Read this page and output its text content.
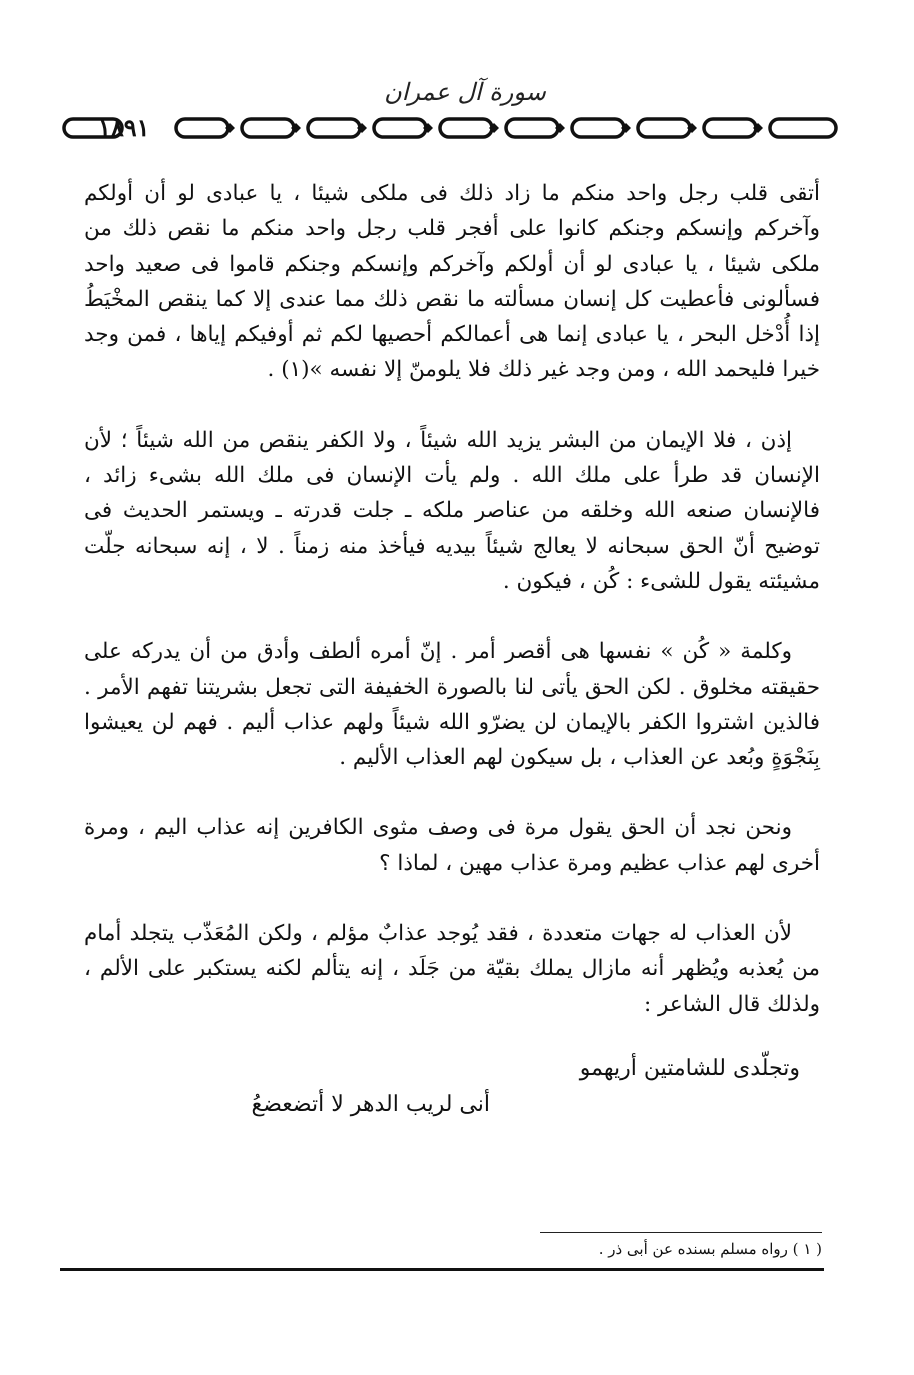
سورة آل عمران
١٨٩١

أتقى قلب رجل واحد منكم ما زاد ذلك فى ملكى شيئا ، يا عبادى لو أن أولكم وآخركم وإنسكم وجنكم كانوا على أفجر قلب رجل واحد منكم ما نقص ذلك من ملكى شيئا ، يا عبادى لو أن أولكم وآخركم وإنسكم وجنكم قاموا فى صعيد واحد فسألونى فأعطيت كل إنسان مسألته ما نقص ذلك مما عندى إلا كما ينقص المخْيَطُ إذا أُدْخل البحر ، يا عبادى إنما هى أعمالكم أحصيها لكم ثم أوفيكم إياها ، فمن وجد خيرا فليحمد الله ، ومن وجد غير ذلك فلا يلومنّ إلا نفسه »(١) .

إذن ، فلا الإيمان من البشر يزيد الله شيئاً ، ولا الكفر ينقص من الله شيئاً ؛ لأن الإنسان قد طرأ على ملك الله . ولم يأت الإنسان فى ملك الله بشىء زائد ، فالإنسان صنعه الله وخلقه من عناصر ملكه ـ جلت قدرته ـ ويستمر الحديث فى توضيح أنّ الحق سبحانه لا يعالج شيئاً بيديه فيأخذ منه زمناً . لا ، إنه سبحانه جلّت مشيئته يقول للشىء : كُن ، فيكون .

وكلمة « كُن » نفسها هى أقصر أمر . إنّ أمره ألطف وأدق من أن يدركه على حقيقته مخلوق . لكن الحق يأتى لنا بالصورة الخفيفة التى تجعل بشريتنا تفهم الأمر . فالذين اشتروا الكفر بالإيمان لن يضرّو الله شيئاً ولهم عذاب أليم . فهم لن يعيشوا بِنَجْوَةٍ وبُعد عن العذاب ، بل سيكون لهم العذاب الأليم .

ونحن نجد أن الحق يقول مرة فى وصف مثوى الكافرين إنه عذاب اليم ، ومرة أخرى لهم عذاب عظيم ومرة عذاب مهين ، لماذا ؟

لأن العذاب له جهات متعددة ، فقد يُوجد عذابٌ مؤلم ، ولكن المُعَذّب يتجلد أمام من يُعذبه ويُظهر أنه مازال يملك بقيّة من جَلَد ، إنه يتألم لكنه يستكبر على الألم ، ولذلك قال الشاعر :

وتجلّدى للشامتين أريهمو
أنى لريب الدهر لا أتضعضعُ
( ١ ) رواه مسلم بسنده عن أبى ذر .
